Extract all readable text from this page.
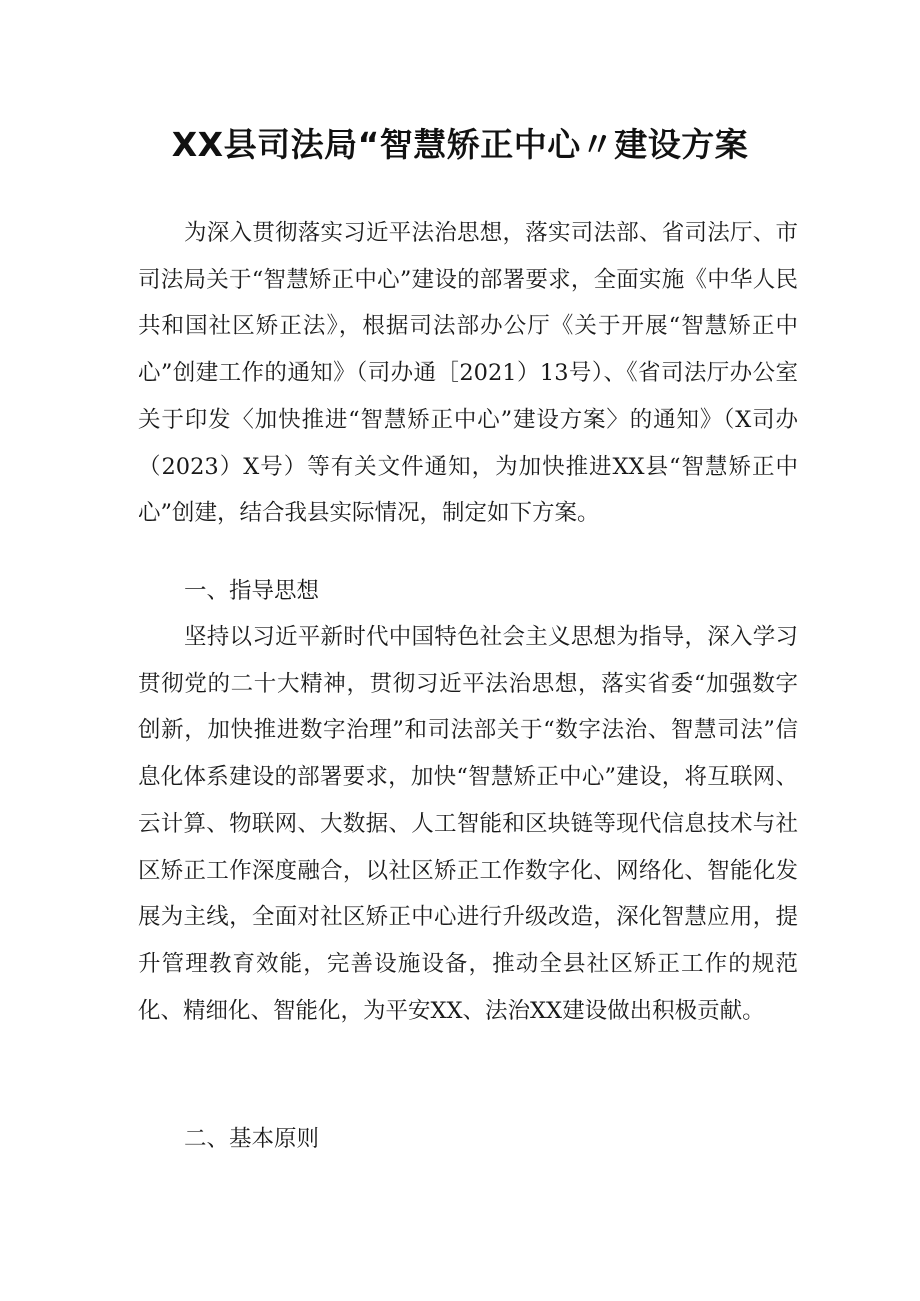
XX县司法局“智慧矫正中心〃建设方案

为深入贯彻落实习近平法治思想，落实司法部、省司法厅、市司法局关于“智慧矫正中心”建设的部署要求，全面实施《中华人民共和国社区矫正法》，根据司法部办公厅《关于开展“智慧矫正中心”创建工作的通知》（司办通［2021）13号）、《省司法厅办公室关于印发〈加快推进“智慧矫正中心”建设方案〉的通知》（X司办（2023）X号）等有关文件通知，为加快推进XX县“智慧矫正中心”创建，结合我县实际情况，制定如下方案。

一、指导思想

坚持以习近平新时代中国特色社会主义思想为指导，深入学习贯彻党的二十大精神，贯彻习近平法治思想，落实省委“加强数字创新，加快推进数字治理”和司法部关于“数字法治、智慧司法”信息化体系建设的部署要求，加快“智慧矫正中心”建设，将互联网、云计算、物联网、大数据、人工智能和区块链等现代信息技术与社区矫正工作深度融合，以社区矫正工作数字化、网络化、智能化发展为主线，全面对社区矫正中心进行升级改造，深化智慧应用，提升管理教育效能，完善设施设备，推动全县社区矫正工作的规范化、精细化、智能化，为平安XX、法治XX建设做出积极贡献。

二、基本原则
